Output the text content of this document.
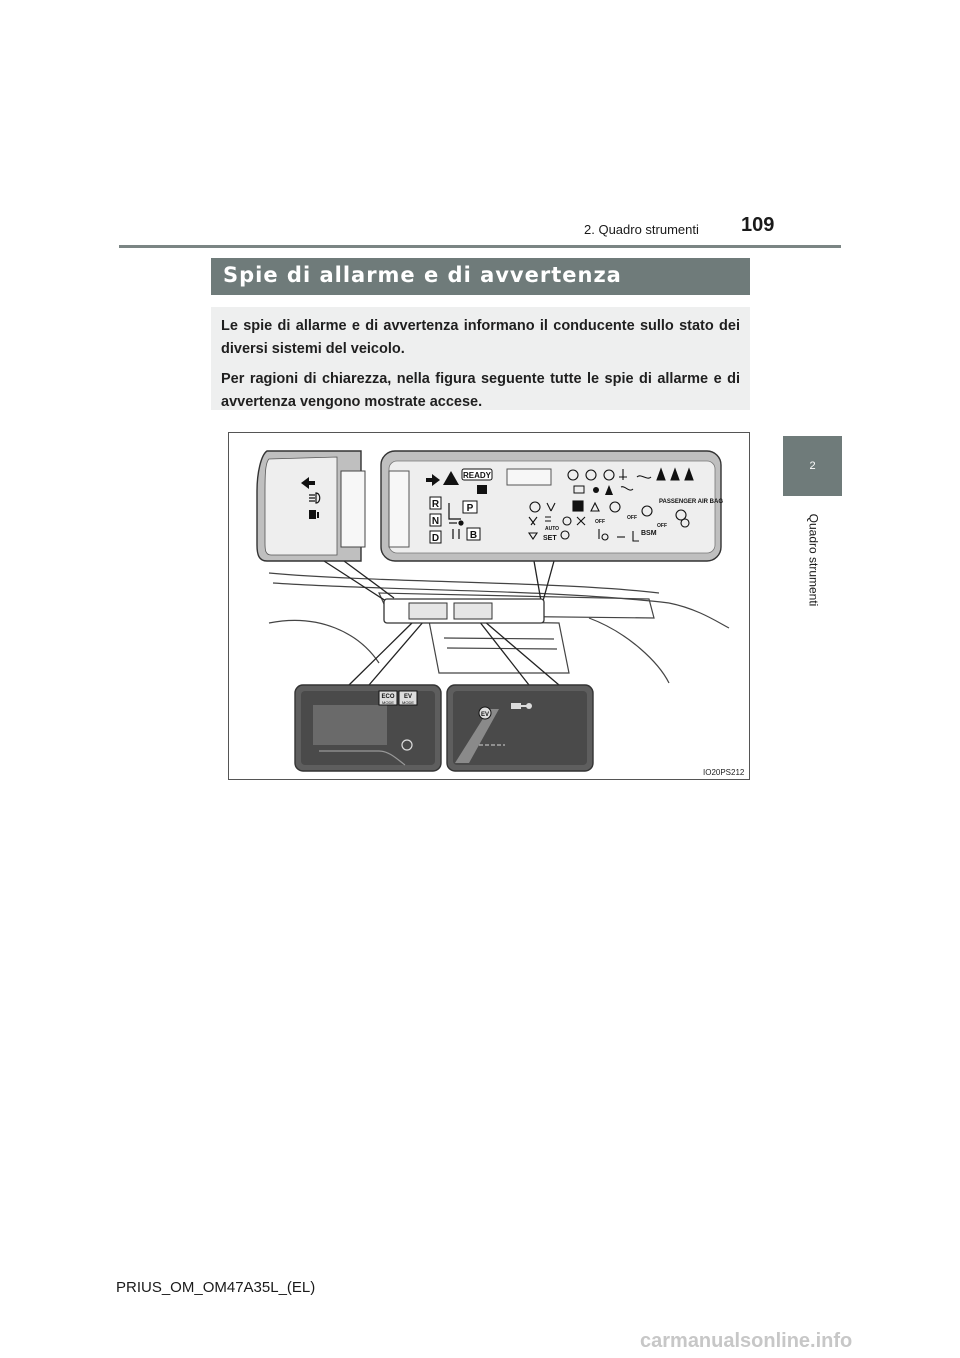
109
2. Quadro strumenti
2
Quadro strumenti
Spie di allarme e di avvertenza

Le spie di allarme e di avvertenza informano il conducente sullo stato dei diversi sistemi del veicolo.

Per ragioni di chiarezza, nella figura seguente tutte le spie di allarme e di avvertenza vengono mostrate accese.

READY
R
N
D
P
B
PASSENGER AIR BAG
OFF
OFF
OFF
AUTO
SET
BSM
ECO
MODE
EV
MODE
EV
IO20PS212
PRIUS_OM_OM47A35L_(EL)
carmanualsonline.info
